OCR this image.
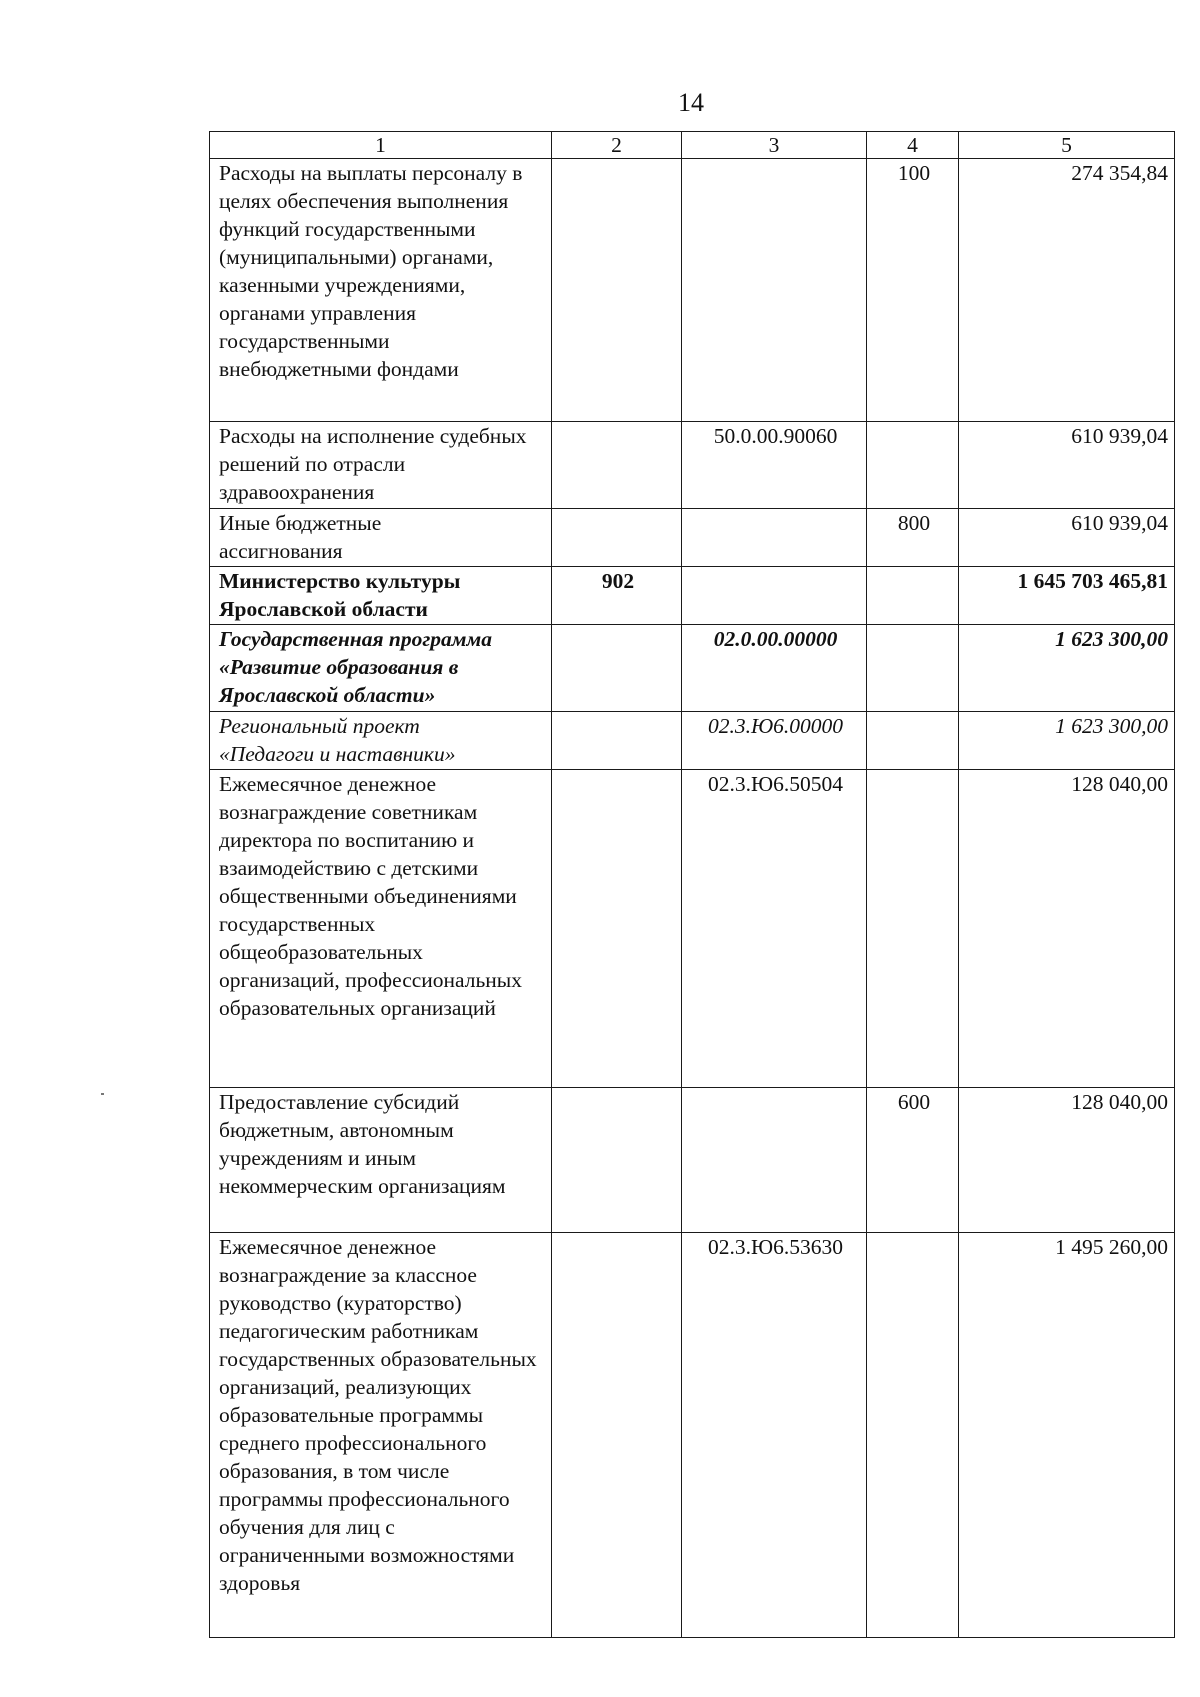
14
1	2	3	4	5
Расходы на выплаты персоналу в целях обеспечения выполнения функций государственными (муниципальными) органами, казенными учреждениями, органами управления государственными внебюджетными фондами			100	274 354,84
Расходы на исполнение судебных решений по отрасли здравоохранения		50.0.00.90060		610 939,04
Иные бюджетные ассигнования			800	610 939,04
Министерство культуры Ярославской области	902			1 645 703 465,81
Государственная программа «Развитие образования в Ярославской области»		02.0.00.00000		1 623 300,00
Региональный проект «Педагоги и наставники»		02.3.Ю6.00000		1 623 300,00
Ежемесячное денежное вознаграждение советникам директора по воспитанию и взаимодействию с детскими общественными объединениями государственных общеобразовательных организаций, профессиональных образовательных организаций		02.3.Ю6.50504		128 040,00
Предоставление субсидий бюджетным, автономным учреждениям и иным некоммерческим организациям			600	128 040,00
Ежемесячное денежное вознаграждение за классное руководство (кураторство) педагогическим работникам государственных образовательных организаций, реализующих образовательные программы среднего профессионального образования, в том числе программы профессионального обучения для лиц с ограниченными возможностями здоровья		02.3.Ю6.53630		1 495 260,00
